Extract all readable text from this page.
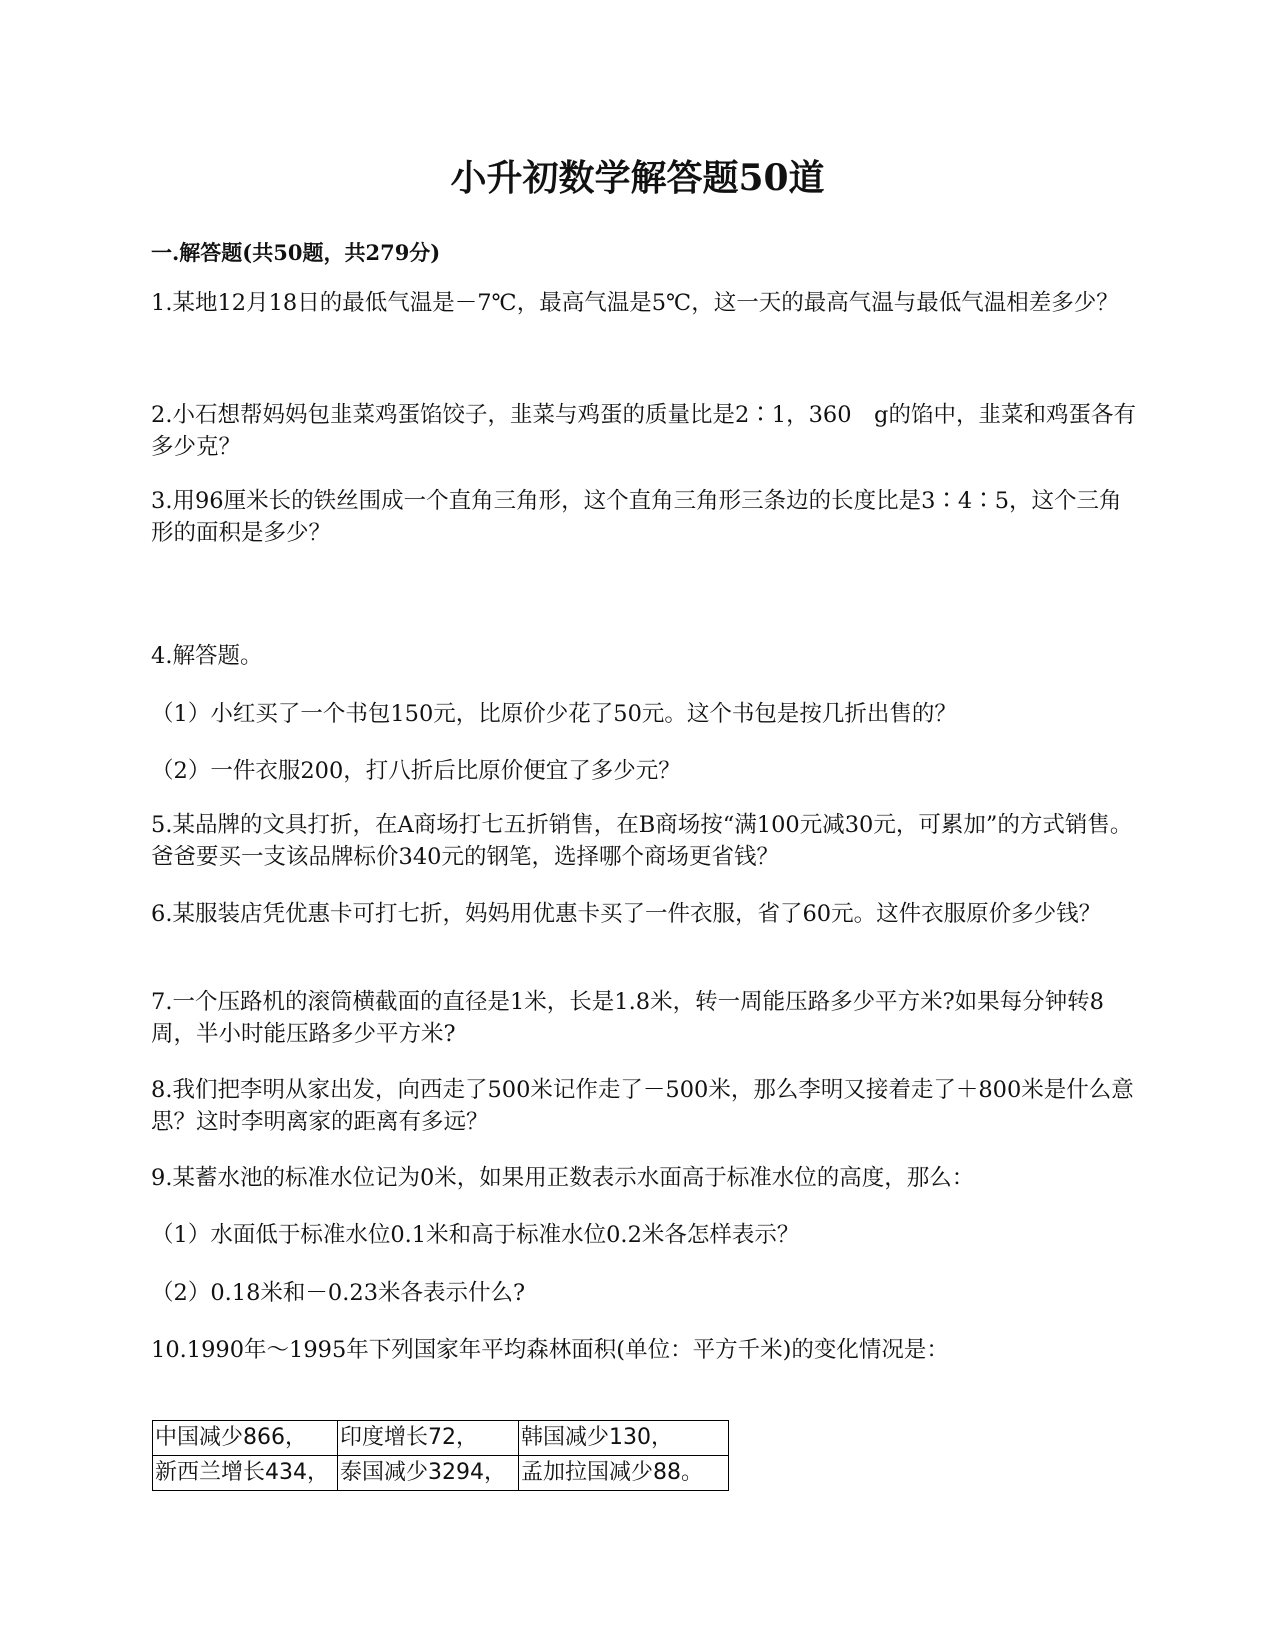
小升初数学解答题50道
一.解答题(共50题，共279分)

1.某地12月18日的最低气温是－7℃，最高气温是5℃，这一天的最高气温与最低气温相差多少？

2.小石想帮妈妈包韭菜鸡蛋馅饺子，韭菜与鸡蛋的质量比是2∶1，360　g的馅中，韭菜和鸡蛋各有多少克？

3.用96厘米长的铁丝围成一个直角三角形，这个直角三角形三条边的长度比是3∶4∶5，这个三角形的面积是多少？

4.解答题。

（1）小红买了一个书包150元，比原价少花了50元。这个书包是按几折出售的？

（2）一件衣服200，打八折后比原价便宜了多少元？

5.某品牌的文具打折，在A商场打七五折销售，在B商场按“满100元减30元，可累加”的方式销售。爸爸要买一支该品牌标价340元的钢笔，选择哪个商场更省钱？

6.某服装店凭优惠卡可打七折，妈妈用优惠卡买了一件衣服，省了60元。这件衣服原价多少钱？

7.一个压路机的滚筒横截面的直径是1米，长是1.8米，转一周能压路多少平方米?如果每分钟转8周，半小时能压路多少平方米?

8.我们把李明从家出发，向西走了500米记作走了－500米，那么李明又接着走了＋800米是什么意思？这时李明离家的距离有多远？

9.某蓄水池的标准水位记为0米，如果用正数表示水面高于标准水位的高度，那么：

（1）水面低于标准水位0.1米和高于标准水位0.2米各怎样表示？

（2）0.18米和－0.23米各表示什么?

10.1990年～1995年下列国家年平均森林面积(单位：平方千米)的变化情况是：

中国减少866，	印度增长72，	韩国减少130，
新西兰增长434，	泰国减少3294，	孟加拉国减少88。
